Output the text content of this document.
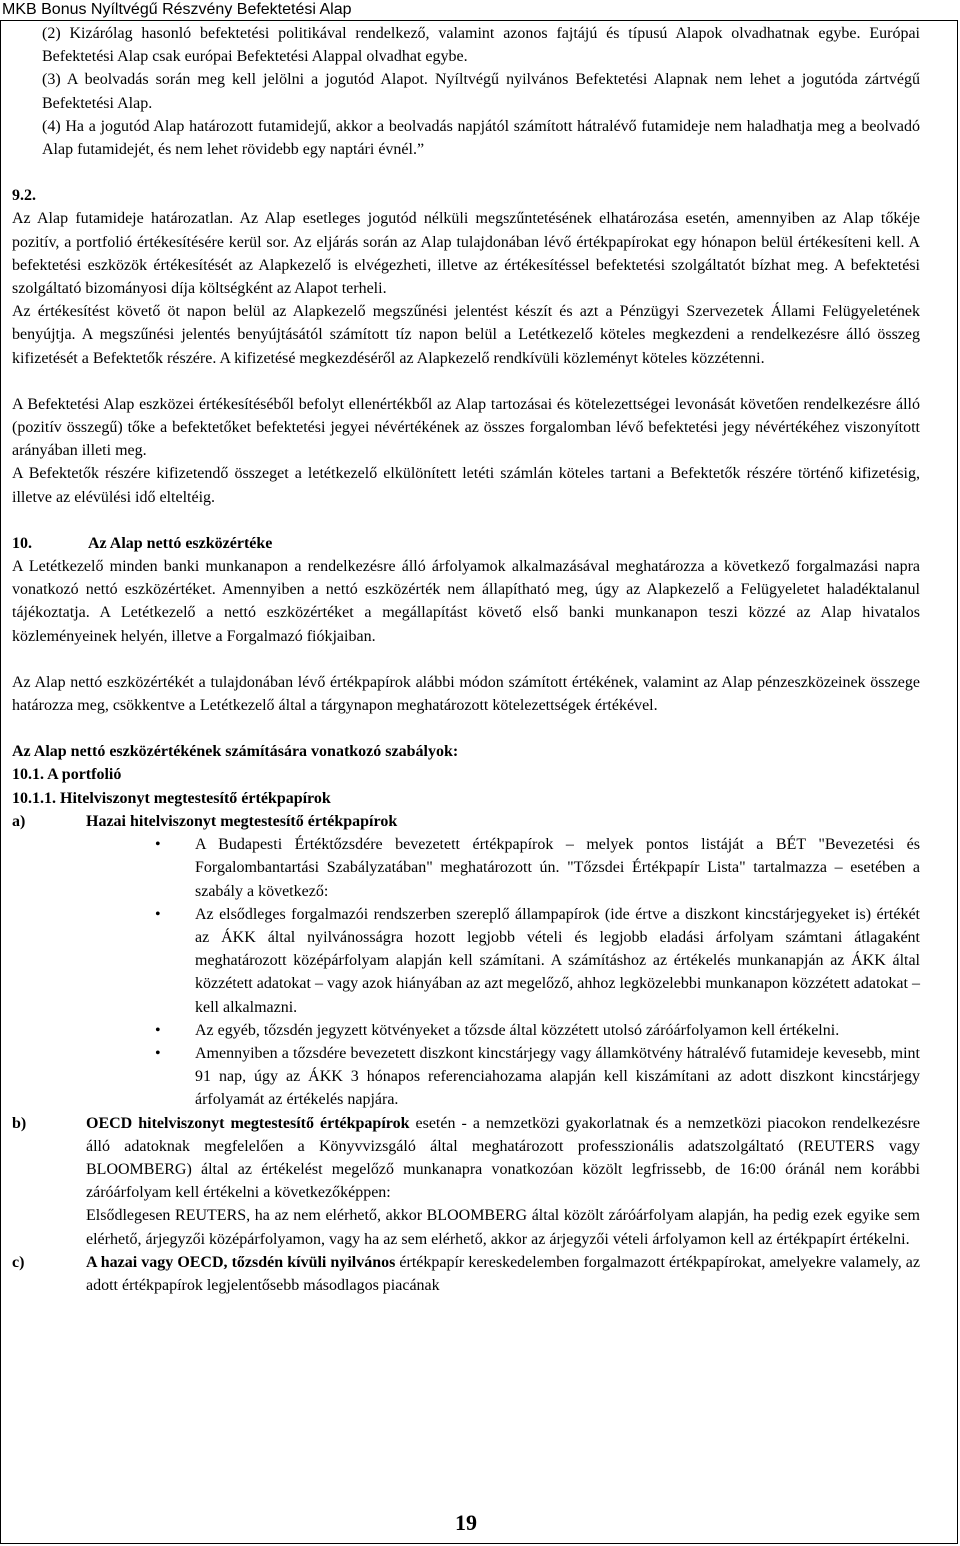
MKB Bonus Nyíltvégű Részvény Befektetési Alap

(2) Kizárólag hasonló befektetési politikával rendelkező, valamint azonos fajtájú és típusú Alapok olvadhatnak egybe. Európai Befektetési Alap csak európai Befektetési Alappal olvadhat egybe.

(3) A beolvadás során meg kell jelölni a jogutód Alapot. Nyíltvégű nyilvános Befektetési Alapnak nem lehet a jogutóda zártvégű Befektetési Alap.

(4) Ha a jogutód Alap határozott futamidejű, akkor a beolvadás napjától számított hátralévő futamideje nem haladhatja meg a beolvadó Alap futamidejét, és nem lehet rövidebb egy naptári évnél.”

9.2.

Az Alap futamideje határozatlan. Az Alap esetleges jogutód nélküli megszűntetésének elhatározása esetén, amennyiben az Alap tőkéje pozitív, a portfolió értékesítésére kerül sor. Az eljárás során az Alap tulajdonában lévő értékpapírokat egy hónapon belül értékesíteni kell. A befektetési eszközök értékesítését az Alapkezelő is elvégezheti, illetve az értékesítéssel befektetési szolgáltatót bízhat meg. A befektetési szolgáltató bizományosi díja költségként az Alapot terheli.

Az értékesítést követő öt napon belül az Alapkezelő megszűnési jelentést készít és azt a Pénzügyi Szervezetek Állami Felügyeletének benyújtja. A megszűnési jelentés benyújtásától számított tíz napon belül a Letétkezelő köteles megkezdeni a rendelkezésre álló összeg kifizetését a Befektetők részére. A kifizetésé megkezdéséről az Alapkezelő rendkívüli közleményt köteles közzétenni.

A Befektetési Alap eszközei értékesítéséből befolyt ellenértékből az Alap tartozásai és kötelezettségei levonását követően rendelkezésre álló (pozitív összegű) tőke a befektetőket befektetési jegyei névértékének az összes forgalomban lévő befektetési jegy névértékéhez viszonyított arányában illeti meg.

A Befektetők részére kifizetendő összeget a letétkezelő elkülönített letéti számlán köteles tartani a Befektetők részére történő kifizetésig, illetve az elévülési idő elteltéig.

10.	Az Alap nettó eszközértéke

A Letétkezelő minden banki munkanapon a rendelkezésre álló árfolyamok alkalmazásával meghatározza a következő forgalmazási napra vonatkozó nettó eszközértéket. Amennyiben a nettó eszközérték nem állapítható meg, úgy az Alapkezelő a Felügyeletet haladéktalanul tájékoztatja. A Letétkezelő a nettó eszközértéket a megállapítást követő első banki munkanapon teszi közzé az Alap hivatalos közleményeinek helyén, illetve a Forgalmazó fiókjaiban.

Az Alap nettó eszközértékét a tulajdonában lévő értékpapírok alábbi módon számított értékének, valamint az Alap pénzeszközeinek összege határozza meg, csökkentve a Letétkezelő által a tárgynapon meghatározott kötelezettségek értékével.

Az Alap nettó eszközértékének számítására vonatkozó szabályok:

10.1. A portfolió

10.1.1. Hitelviszonyt megtestesítő értékpapírok

a)	Hazai hitelviszonyt megtestesítő értékpapírok
• A Budapesti Értéktőzsdére bevezetett értékpapírok – melyek pontos listáját a BÉT "Bevezetési és Forgalombantartási Szabályzatában" meghatározott ún. "Tőzsdei Értékpapír Lista" tartalmazza – esetében a szabály a következő:
• Az elsődleges forgalmazói rendszerben szereplő állampapírok (ide értve a diszkont kincstárjegyeket is) értékét az ÁKK által nyilvánosságra hozott legjobb vételi és legjobb eladási árfolyam számtani átlagaként meghatározott középárfolyam alapján kell számítani. A számításhoz az értékelés munkanapján az ÁKK által közzétett adatokat – vagy azok hiányában az azt megelőző, ahhoz legközelebbi munkanapon közzétett adatokat – kell alkalmazni.
• Az egyéb, tőzsdén jegyzett kötvényeket a tőzsde által közzétett utolsó záróárfolyamon kell értékelni.
• Amennyiben a tőzsdére bevezetett diszkont kincstárjegy vagy államkötvény hátralévő futamideje kevesebb, mint 91 nap, úgy az ÁKK 3 hónapos referenciahozama alapján kell kiszámítani az adott diszkont kincstárjegy árfolyamát az értékelés napjára.
b)	OECD hitelviszonyt megtestesítő értékpapírok esetén - a nemzetközi gyakorlatnak és a nemzetközi piacokon rendelkezésre álló adatoknak megfelelően a Könyvvizsgáló által meghatározott professzionális adatszolgáltató (REUTERS vagy BLOOMBERG) által az értékelést megelőző munkanapra vonatkozóan közölt legfrissebb, de 16:00 óránál nem korábbi záróárfolyam kell értékelni a következőképpen:

Elsődlegesen REUTERS, ha az nem elérhető, akkor BLOOMBERG által közölt záróárfolyam alapján, ha pedig ezek egyike sem elérhető, árjegyzői középárfolyamon, vagy ha az sem elérhető, akkor az árjegyzői vételi árfolyamon kell az értékpapírt értékelni.

c)	A hazai vagy OECD, tőzsdén kívüli nyilvános értékpapír kereskedelemben forgalmazott értékpapírokat, amelyekre valamely, az adott értékpapírok legjelentősebb másodlagos piacának
19
